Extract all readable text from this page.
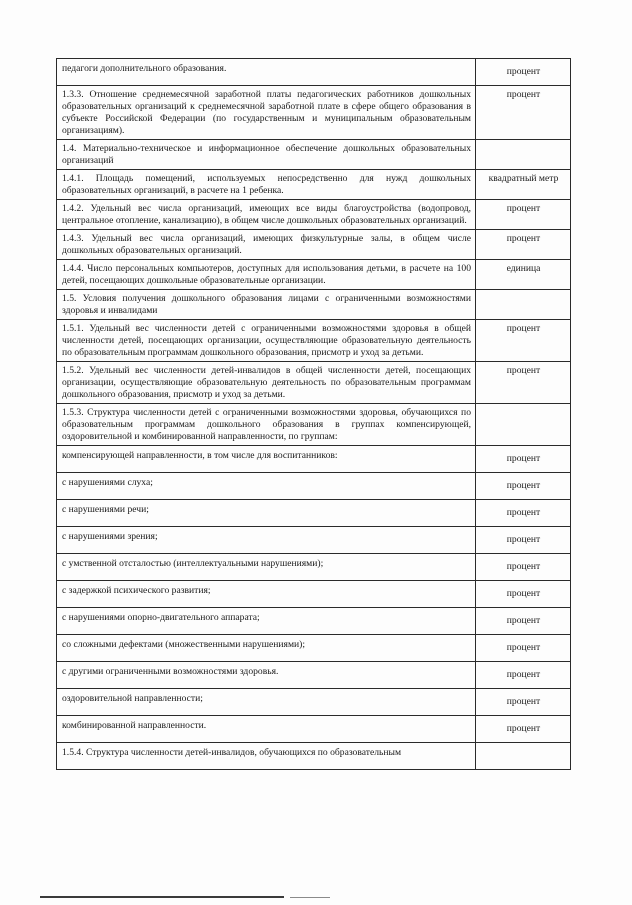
педагоги дополнительного образования.	процент
1.3.3. Отношение среднемесячной заработной платы педагогических работников дошкольных образовательных организаций к среднемесячной заработной плате в сфере общего образования в субъекте Российской Федерации (по государственным и муниципальным образовательным организациям).	процент
1.4. Материально-техническое и информационное обеспечение дошкольных образовательных организаций	
1.4.1. Площадь помещений, используемых непосредственно для нужд дошкольных образовательных организаций, в расчете на 1 ребенка.	квадратный метр
1.4.2. Удельный вес числа организаций, имеющих все виды благоустройства (водопровод, центральное отопление, канализацию), в общем числе дошкольных образовательных организаций.	процент
1.4.3. Удельный вес числа организаций, имеющих физкультурные залы, в общем числе дошкольных образовательных организаций.	процент
1.4.4. Число персональных компьютеров, доступных для использования детьми, в расчете на 100 детей, посещающих дошкольные образовательные организации.	единица
1.5. Условия получения дошкольного образования лицами с ограниченными возможностями здоровья и инвалидами	
1.5.1. Удельный вес численности детей с ограниченными возможностями здоровья в общей численности детей, посещающих организации, осуществляющие образовательную деятельность по образовательным программам дошкольного образования, присмотр и уход за детьми.	процент
1.5.2. Удельный вес численности детей-инвалидов в общей численности детей, посещающих организации, осуществляющие образовательную деятельность по образовательным программам дошкольного образования, присмотр и уход за детьми.	процент
1.5.3. Структура численности детей с ограниченными возможностями здоровья, обучающихся по образовательным программам дошкольного образования в группах компенсирующей, оздоровительной и комбинированной направленности, по группам:	
компенсирующей направленности, в том числе для воспитанников:	процент
с нарушениями слуха;	процент
с нарушениями речи;	процент
с нарушениями зрения;	процент
с умственной отсталостью (интеллектуальными нарушениями);	процент
с задержкой психического развития;	процент
с нарушениями опорно-двигательного аппарата;	процент
со сложными дефектами (множественными нарушениями);	процент
с другими ограниченными возможностями здоровья.	процент
оздоровительной направленности;	процент
комбинированной направленности.	процент
1.5.4. Структура численности детей-инвалидов, обучающихся по образовательным	
